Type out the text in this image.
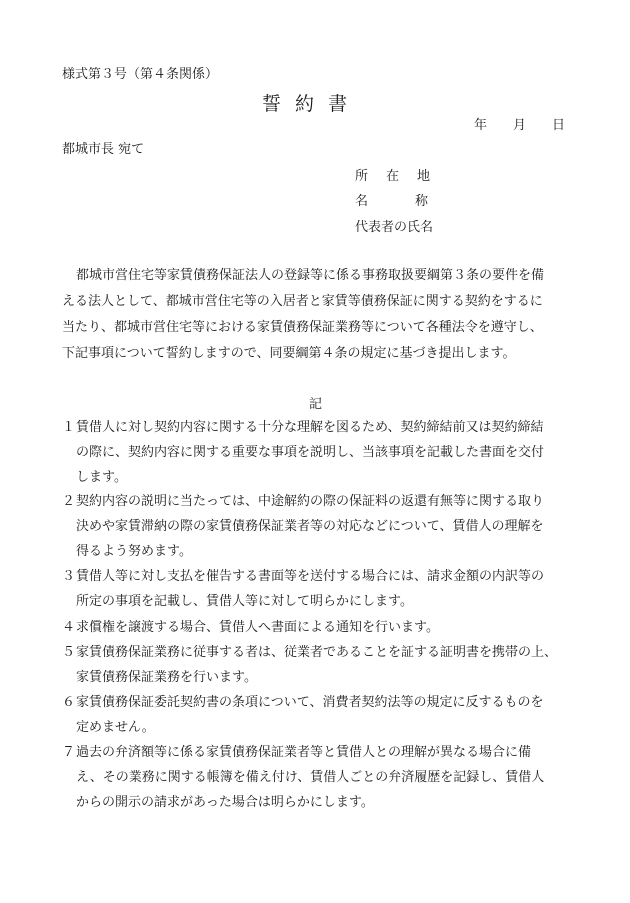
様式第３号（第４条関係）
誓約書
年 月 日
都城市長 宛て
所在地
名称
代表者の氏名
都城市営住宅等家賃債務保証法人の登録等に係る事務取扱要綱第３条の要件を備
える法人として、都城市営住宅等の入居者と家賃等債務保証に関する契約をするに
当たり、都城市営住宅等における家賃債務保証業務等について各種法令を遵守し、
下記事項について誓約しますので、同要綱第４条の規定に基づき提出します。
記
１ 賃借人に対し契約内容に関する十分な理解を図るため、契約締結前又は契約締結
の際に、契約内容に関する重要な事項を説明し、当該事項を記載した書面を交付
します。
２ 契約内容の説明に当たっては、中途解約の際の保証料の返還有無等に関する取り
決めや家賃滞納の際の家賃債務保証業者等の対応などについて、賃借人の理解を
得るよう努めます。
３ 賃借人等に対し支払を催告する書面等を送付する場合には、請求金額の内訳等の
所定の事項を記載し、賃借人等に対して明らかにします。
４ 求償権を譲渡する場合、賃借人へ書面による通知を行います。
５ 家賃債務保証業務に従事する者は、従業者であることを証する証明書を携帯の上、
家賃債務保証業務を行います。
６ 家賃債務保証委託契約書の条項について、消費者契約法等の規定に反するものを
定めません。
７ 過去の弁済額等に係る家賃債務保証業者等と賃借人との理解が異なる場合に備
え、その業務に関する帳簿を備え付け、賃借人ごとの弁済履歴を記録し、賃借人
からの開示の請求があった場合は明らかにします。
